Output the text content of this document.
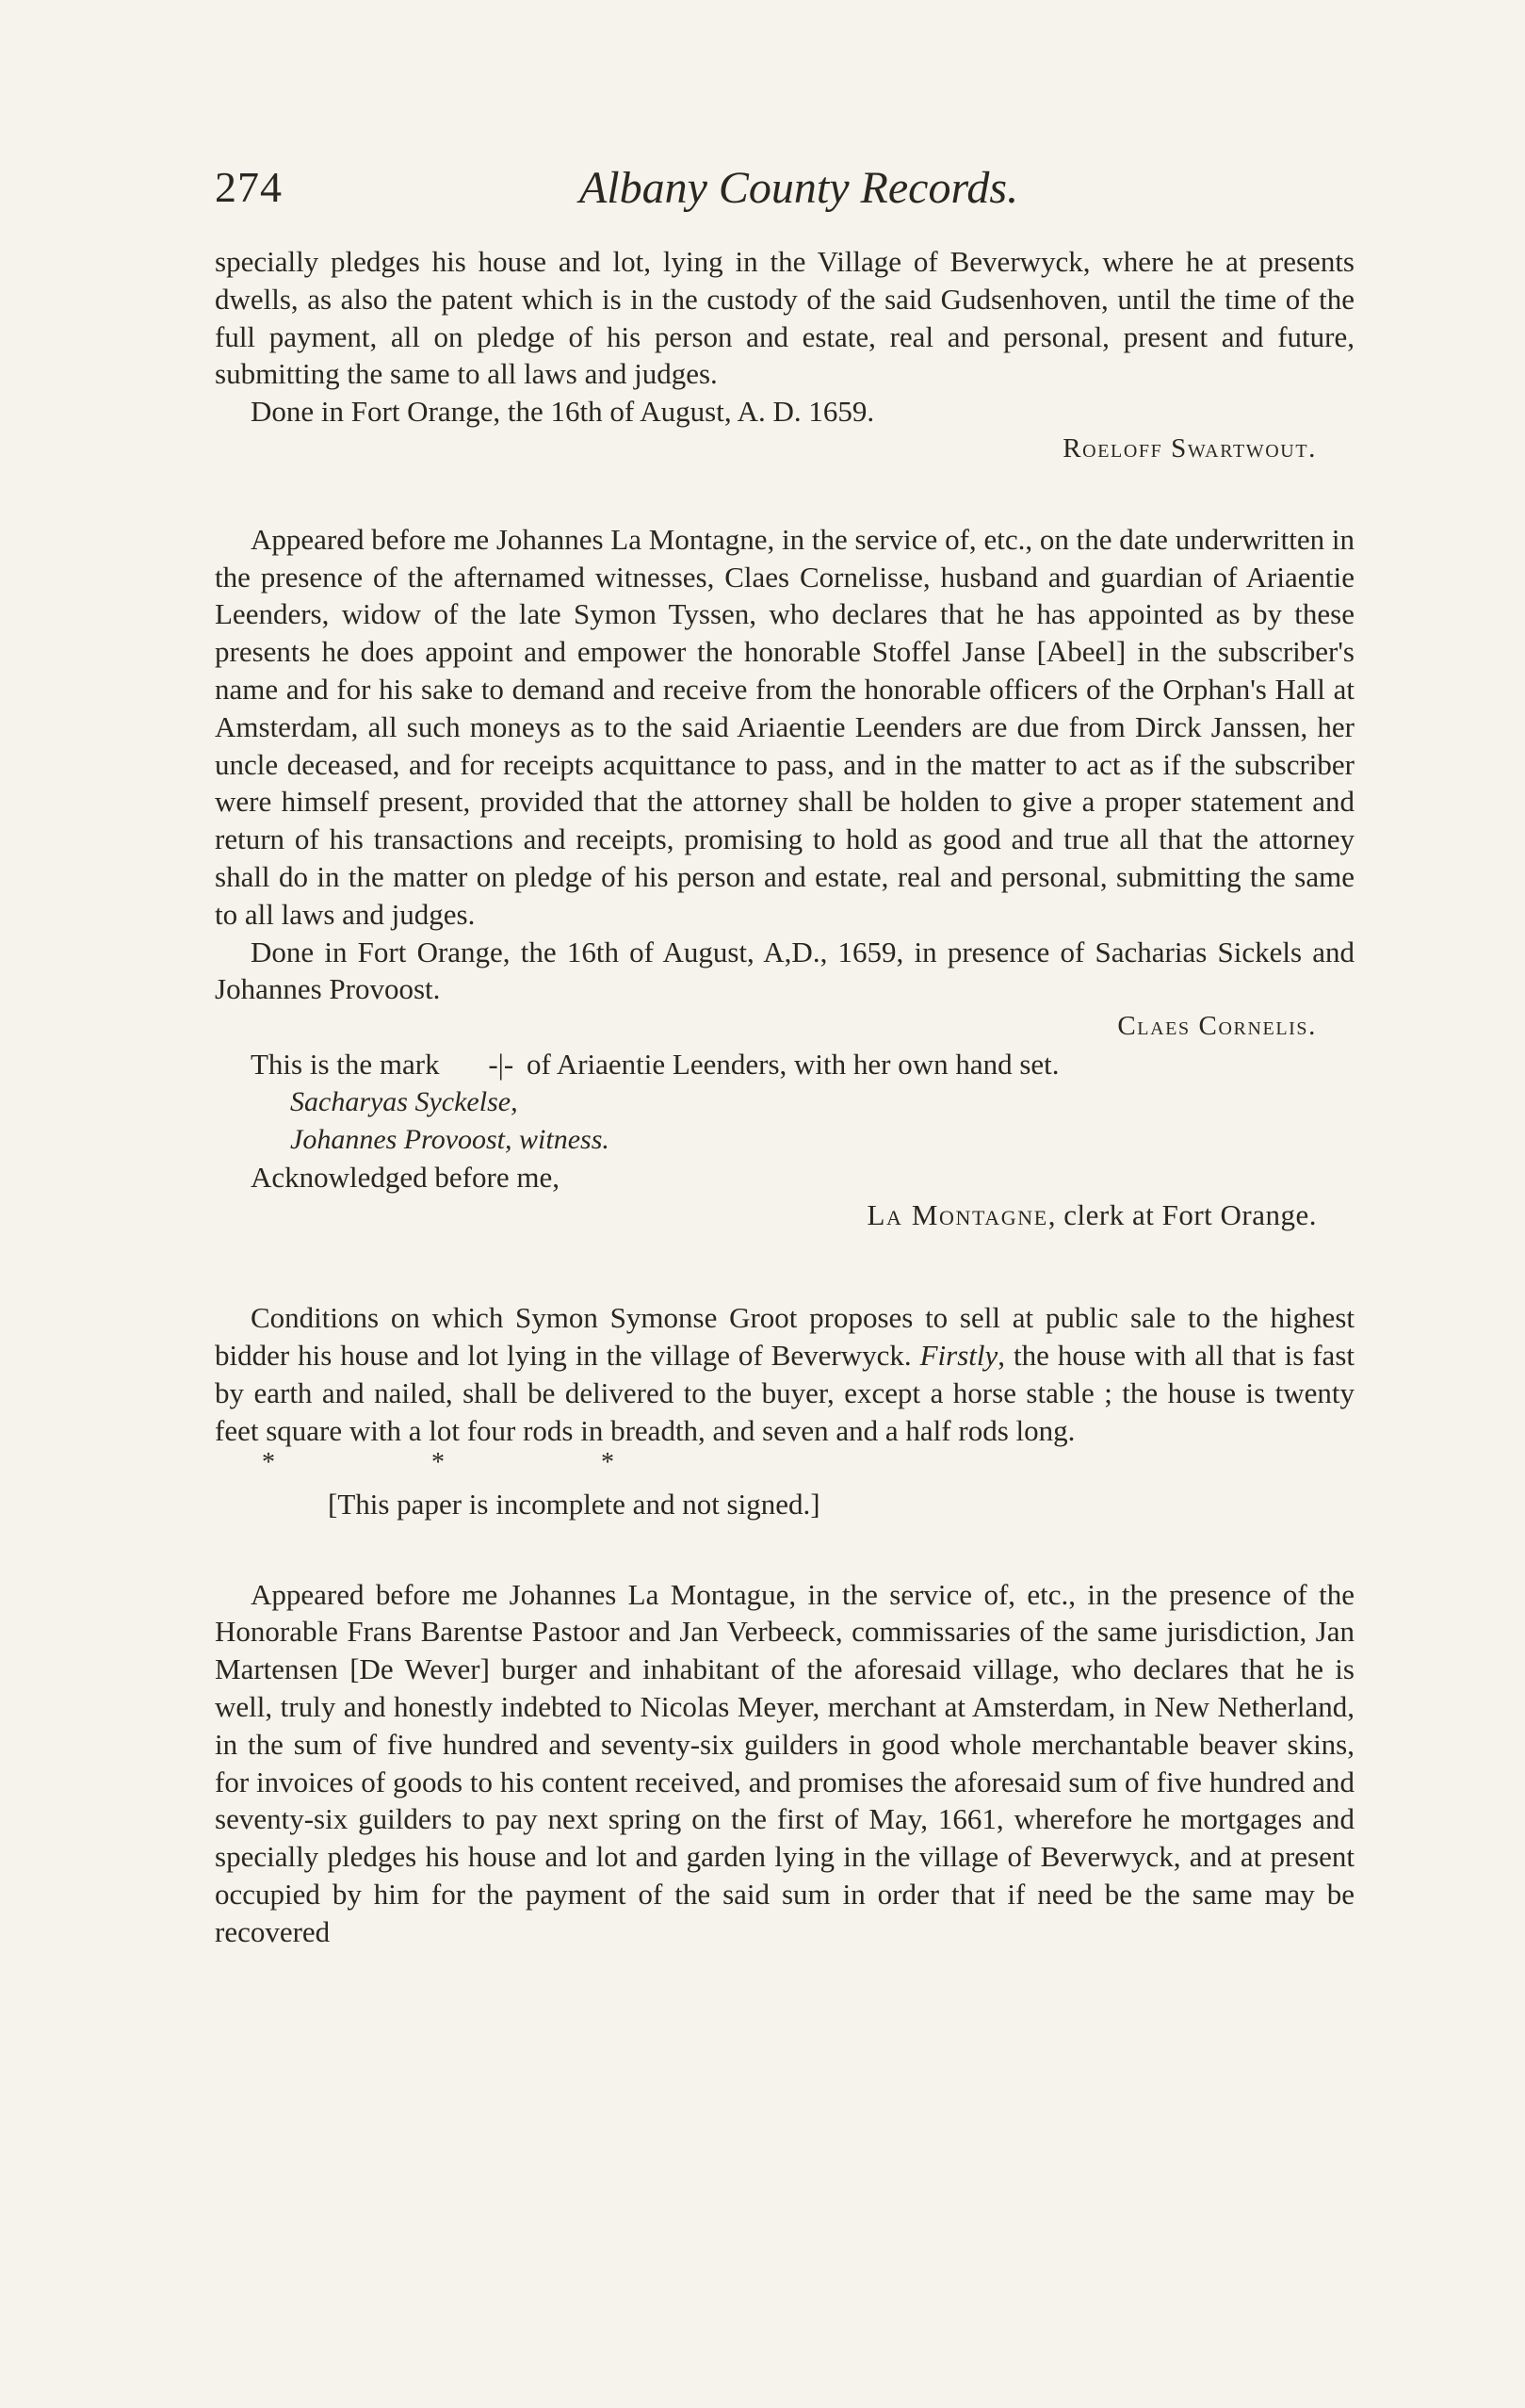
274	Albany County Records.

specially pledges his house and lot, lying in the Village of Beverwyck, where he at presents dwells, as also the patent which is in the custody of the said Gudsenhoven, until the time of the full payment, all on pledge of his person and estate, real and personal, present and future, submitting the same to all laws and judges.

Done in Fort Orange, the 16th of August, A. D. 1659.

Roeloff Swartwout.

Appeared before me Johannes La Montagne, in the service of, etc., on the date underwritten in the presence of the afternamed witnesses, Claes Cornelisse, husband and guardian of Ariaentie Leenders, widow of the late Symon Tyssen, who declares that he has appointed as by these presents he does appoint and empower the honorable Stoffel Janse [Abeel] in the subscriber's name and for his sake to demand and receive from the honorable officers of the Orphan's Hall at Amsterdam, all such moneys as to the said Ariaentie Leenders are due from Dirck Janssen, her uncle deceased, and for receipts acquittance to pass, and in the matter to act as if the subscriber were himself present, provided that the attorney shall be holden to give a proper statement and return of his transactions and receipts, promising to hold as good and true all that the attorney shall do in the matter on pledge of his person and estate, real and personal, submitting the same to all laws and judges.

Done in Fort Orange, the 16th of August, A,D., 1659, in presence of Sacharias Sickels and Johannes Provoost.

Claes Cornelis.

This is the mark -|- of Ariaentie Leenders, with her own hand set.

Sacharyas Syckelse,

Johannes Provoost, witness.

Acknowledged before me,

La Montagne, clerk at Fort Orange.

Conditions on which Symon Symonse Groot proposes to sell at public sale to the highest bidder his house and lot lying in the village of Beverwyck. Firstly, the house with all that is fast by earth and nailed, shall be delivered to the buyer, except a horse stable ; the house is twenty feet square with a lot four rods in breadth, and seven and a half rods long.

*	*	*

[This paper is incomplete and not signed.]

Appeared before me Johannes La Montague, in the service of, etc., in the presence of the Honorable Frans Barentse Pastoor and Jan Verbeeck, commissaries of the same jurisdiction, Jan Martensen [De Wever] burger and inhabitant of the aforesaid village, who declares that he is well, truly and honestly indebted to Nicolas Meyer, merchant at Amsterdam, in New Netherland, in the sum of five hundred and seventy-six guilders in good whole merchantable beaver skins, for invoices of goods to his content received, and promises the aforesaid sum of five hundred and seventy-six guilders to pay next spring on the first of May, 1661, wherefore he mortgages and specially pledges his house and lot and garden lying in the village of Beverwyck, and at present occupied by him for the payment of the said sum in order that if need be the same may be recovered
